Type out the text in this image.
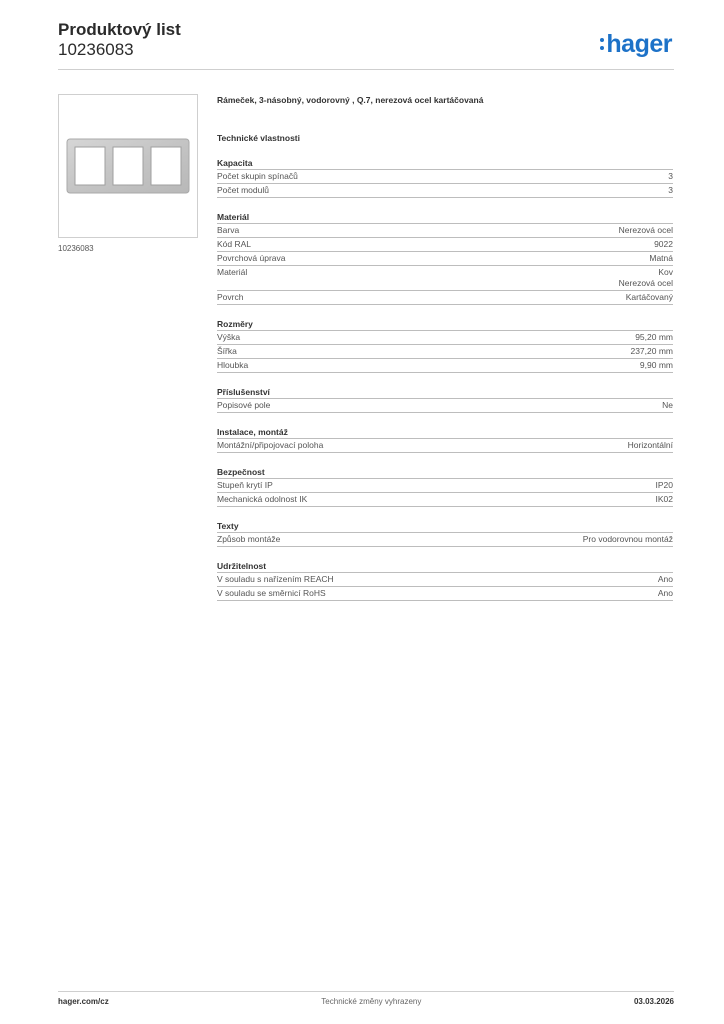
Produktový list
10236083	hager
10236083
Rámeček, 3-násobný, vodorovný , Q.7, nerezová ocel kartáčovaná
Technické vlastnosti
Kapacita
Počet skupin spínačů	3
Počet modulů	3
Materiál
Barva	Nerezová ocel
Kód RAL	9022
Povrchová úprava	Matná
Materiál	Kov
Nerezová ocel
Povrch	Kartáčovaný
Rozměry
Výška	95,20 mm
Šířka	237,20 mm
Hloubka	9,90 mm
Příslušenství
Popisové pole	Ne
Instalace, montáž
Montážní/připojovací poloha	Horizontální
Bezpečnost
Stupeň krytí IP	IP20
Mechanická odolnost IK	IK02
Texty
Způsob montáže	Pro vodorovnou montáž
Udržitelnost
V souladu s nařízením REACH	Ano
V souladu se směrnicí RoHS	Ano
hager.com/cz	Technické změny vyhrazeny	03.03.2026
